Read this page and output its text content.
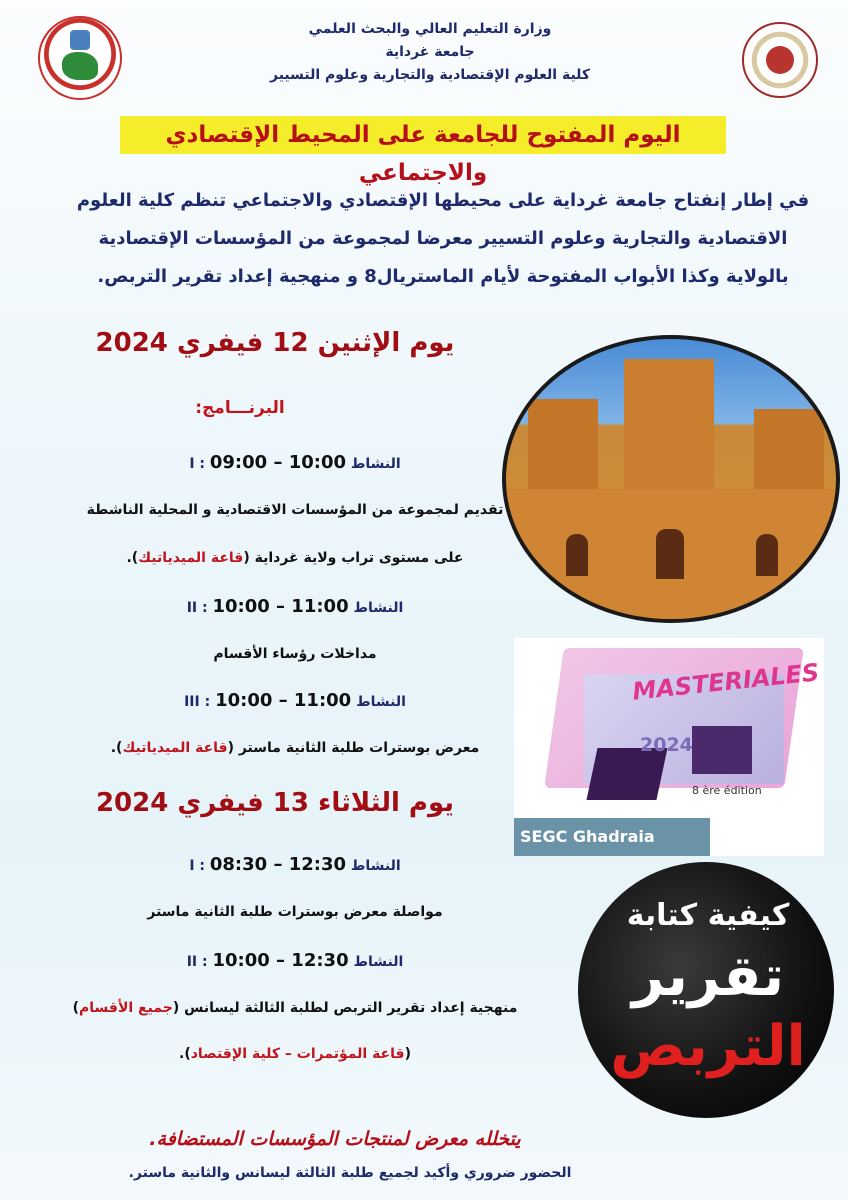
وزارة التعليم العالي والبحث العلمي
جامعة غرداية
كلية العلوم الإقتصادية والتجارية وعلوم التسيير
اليوم المفتوح للجامعة على المحيط الإقتصادي والاجتماعي
في إطار إنفتاح جامعة غرداية على محيطها الإقتصادي والاجتماعي تنظم كلية العلوم
الاقتصادية والتجارية وعلوم التسيير معرضا لمجموعة من المؤسسات الإقتصادية
بالولاية وكذا الأبواب المفتوحة لأيام الماستريال8 و منهجية إعداد تقرير التربص.
يوم الإثنين 12 فيفري 2024
البرنـــامج:
النشاط I : 09:00 – 10:00
تقديم لمجموعة من المؤسسات الاقتصادية و المحلية الناشطة
على مستوى تراب ولاية غرداية (قاعة الميدياتيك).
النشاط II : 10:00 – 11:00
مداخلات رؤساء الأقسام
النشاط III : 10:00 – 11:00
معرض بوسترات طلبة الثانية ماستر (قاعة الميدياتيك).
يوم الثلاثاء 13 فيفري 2024
النشاط I : 08:30 – 12:30
مواصلة معرض بوسترات طلبة الثانية ماستر
النشاط II : 10:00 – 12:30
منهجية إعداد تقرير التربص لطلبة الثالثة ليسانس (جميع الأقسام)
(قاعة المؤتمرات – كلية الإقتصاد).
يتخلله معرض لمنتجات المؤسسات المستضافة.
الحضور ضروري وأكيد لجميع طلبة الثالثة ليسانس والثانية ماستر.
MASTERIALES
2024
8 ère édition
SEGC Ghadraia
كيفية كتابة
تقرير
التربص
